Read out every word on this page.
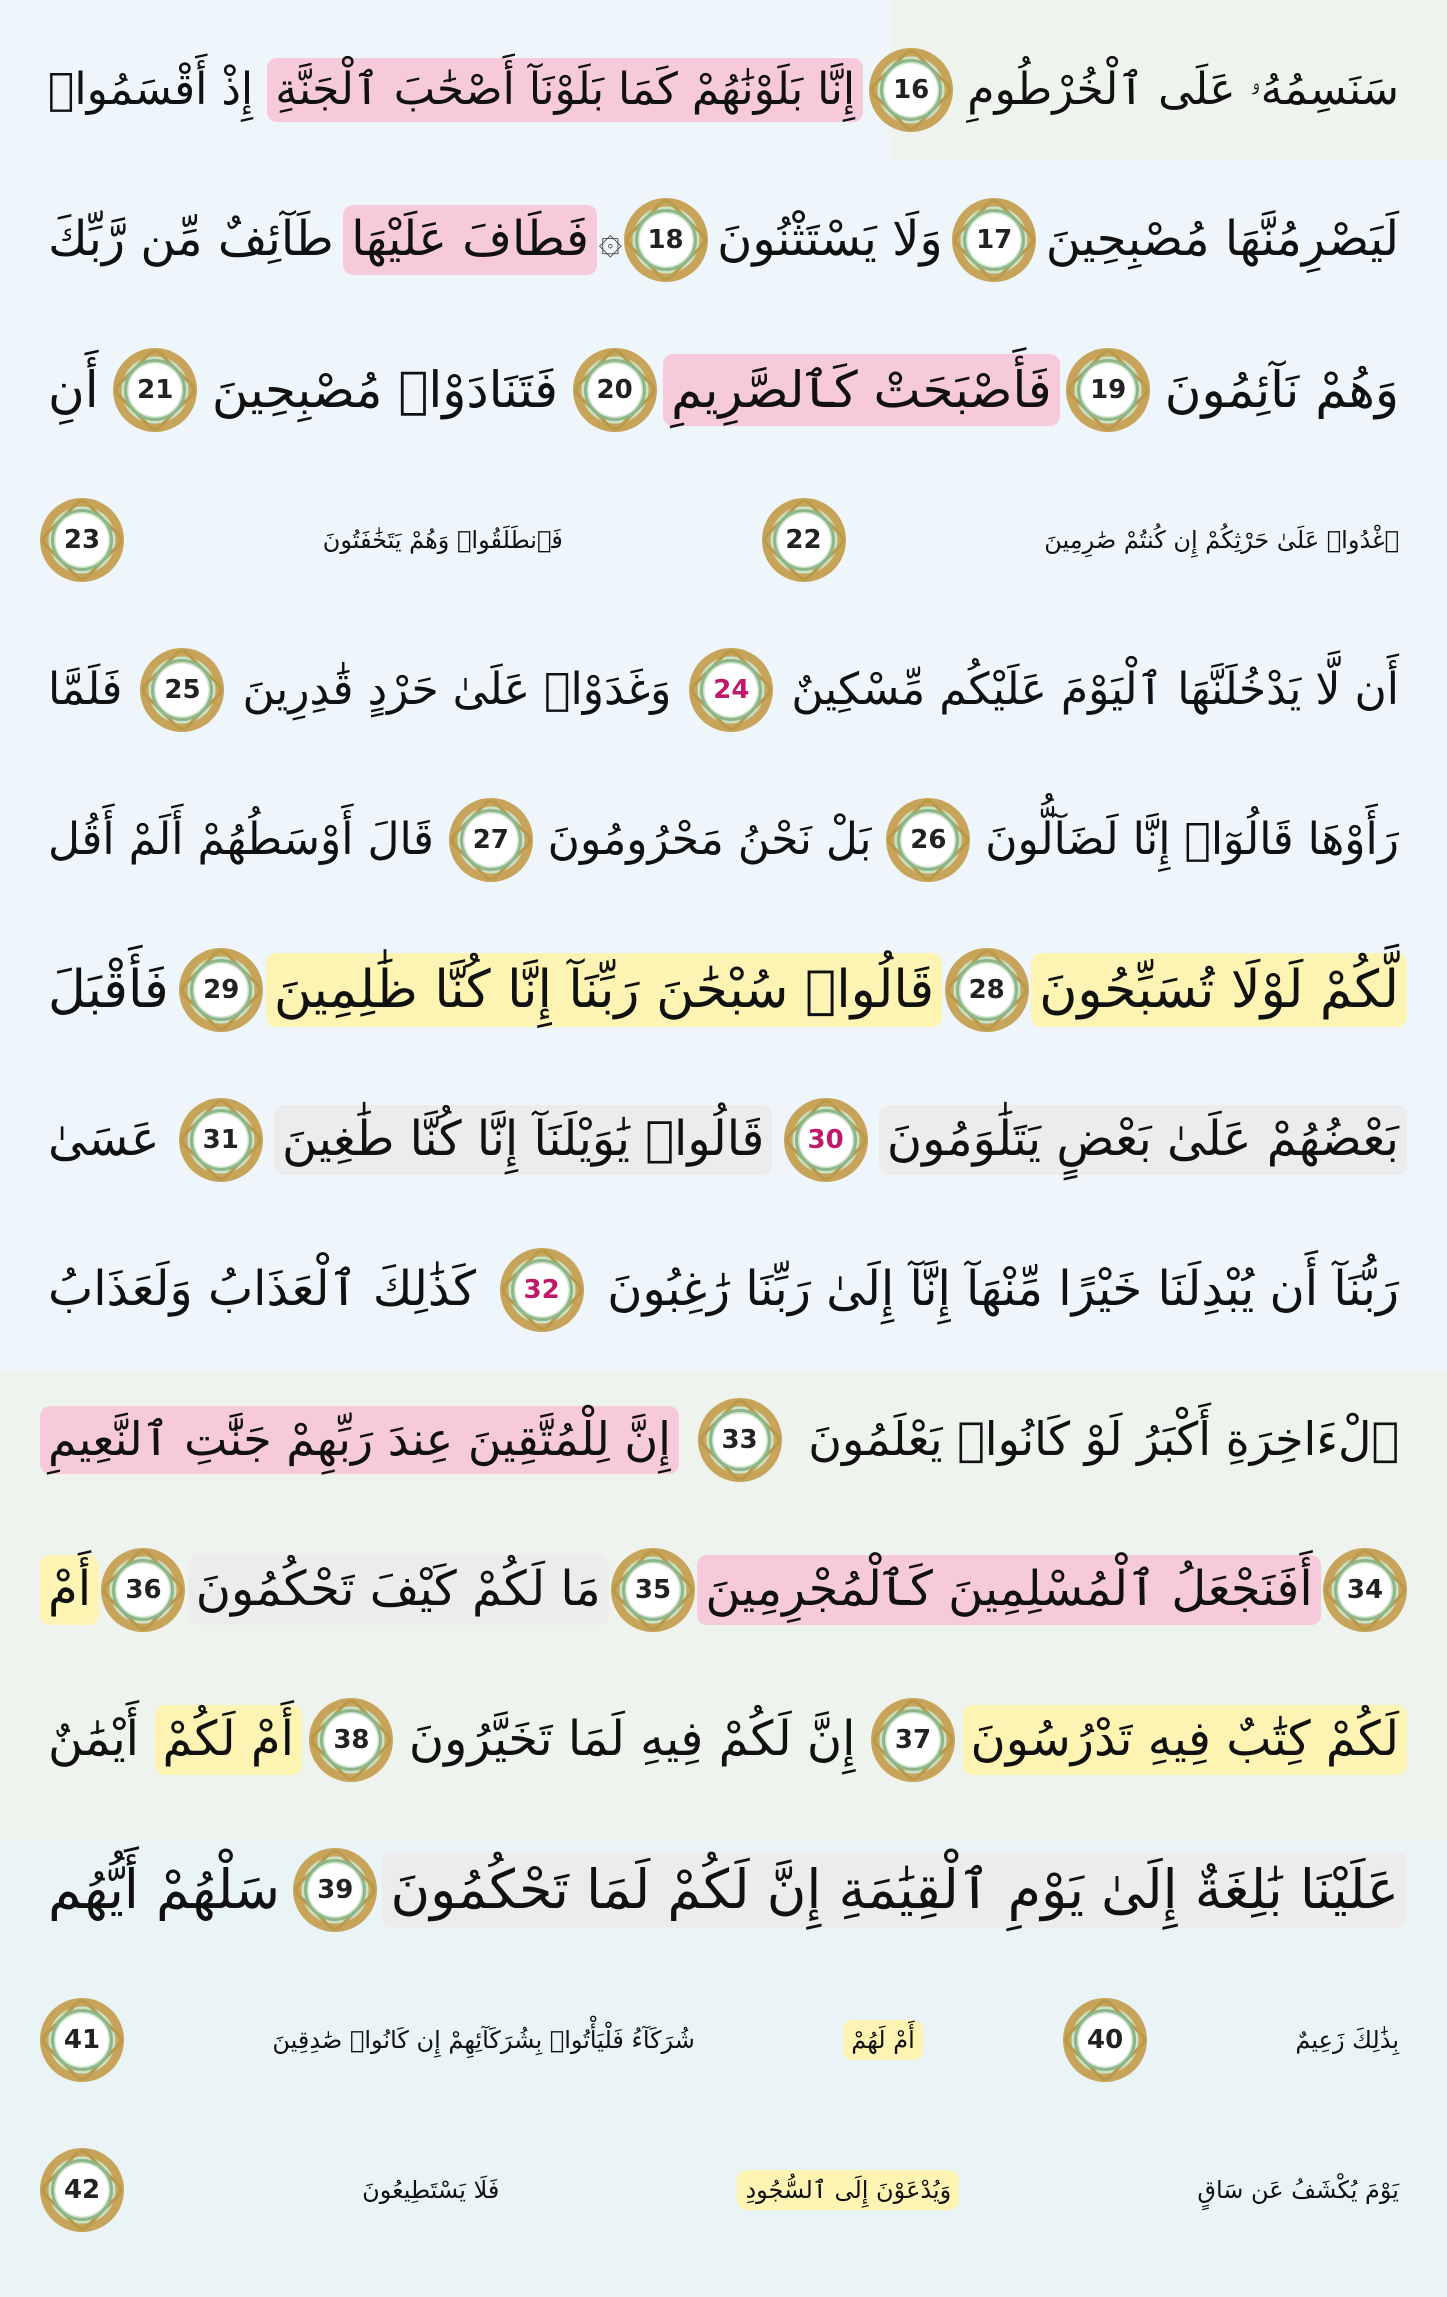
سَنَسِمُهُۥ عَلَى ٱلْخُرْطُومِ
16
إِنَّا بَلَوْنَٰهُمْ كَمَا بَلَوْنَآ أَصْحَٰبَ ٱلْجَنَّةِ
إِذْ أَقْسَمُوا۟
لَيَصْرِمُنَّهَا مُصْبِحِينَ
17
وَلَا يَسْتَثْنُونَ
18
۞
فَطَافَ عَلَيْهَا
طَآئِفٌ مِّن رَّبِّكَ
وَهُمْ نَآئِمُونَ
19
فَأَصْبَحَتْ كَٱلصَّرِيمِ
20
فَتَنَادَوْا۟ مُصْبِحِينَ
21
أَنِ
ٱغْدُوا۟ عَلَىٰ حَرْثِكُمْ إِن كُنتُمْ صَٰرِمِينَ
22
فَٱنطَلَقُوا۟ وَهُمْ يَتَخَٰفَتُونَ
23
أَن لَّا يَدْخُلَنَّهَا ٱلْيَوْمَ عَلَيْكُم مِّسْكِينٌ
24
وَغَدَوْا۟ عَلَىٰ حَرْدٍ قَٰدِرِينَ
25
فَلَمَّا
رَأَوْهَا قَالُوٓا۟ إِنَّا لَضَآلُّونَ
26
بَلْ نَحْنُ مَحْرُومُونَ
27
قَالَ أَوْسَطُهُمْ أَلَمْ أَقُل
لَّكُمْ لَوْلَا تُسَبِّحُونَ
28
قَالُوا۟ سُبْحَٰنَ رَبِّنَآ إِنَّا كُنَّا ظَٰلِمِينَ
29
فَأَقْبَلَ
بَعْضُهُمْ عَلَىٰ بَعْضٍ يَتَلَٰوَمُونَ
30
قَالُوا۟ يَٰوَيْلَنَآ إِنَّا كُنَّا طَٰغِينَ
31
عَسَىٰ
رَبُّنَآ أَن يُبْدِلَنَا خَيْرًا مِّنْهَآ إِنَّآ إِلَىٰ رَبِّنَا رَٰغِبُونَ
32
كَذَٰلِكَ ٱلْعَذَابُ وَلَعَذَابُ
ٱلْءَاخِرَةِ أَكْبَرُ لَوْ كَانُوا۟ يَعْلَمُونَ
33
إِنَّ لِلْمُتَّقِينَ عِندَ رَبِّهِمْ جَنَّٰتِ ٱلنَّعِيمِ
34
أَفَنَجْعَلُ ٱلْمُسْلِمِينَ كَٱلْمُجْرِمِينَ
35
مَا لَكُمْ كَيْفَ تَحْكُمُونَ
36
أَمْ
لَكُمْ كِتَٰبٌ فِيهِ تَدْرُسُونَ
37
إِنَّ لَكُمْ فِيهِ لَمَا تَخَيَّرُونَ
38
أَمْ لَكُمْ
أَيْمَٰنٌ
عَلَيْنَا بَٰلِغَةٌ إِلَىٰ يَوْمِ ٱلْقِيَٰمَةِ إِنَّ لَكُمْ لَمَا تَحْكُمُونَ
39
سَلْهُمْ أَيُّهُم
بِذَٰلِكَ زَعِيمٌ
40
أَمْ لَهُمْ
شُرَكَآءُ فَلْيَأْتُوا۟ بِشُرَكَآئِهِمْ إِن كَانُوا۟ صَٰدِقِينَ
41
يَوْمَ يُكْشَفُ عَن سَاقٍ
وَيُدْعَوْنَ إِلَى ٱلسُّجُودِ
فَلَا يَسْتَطِيعُونَ
42
